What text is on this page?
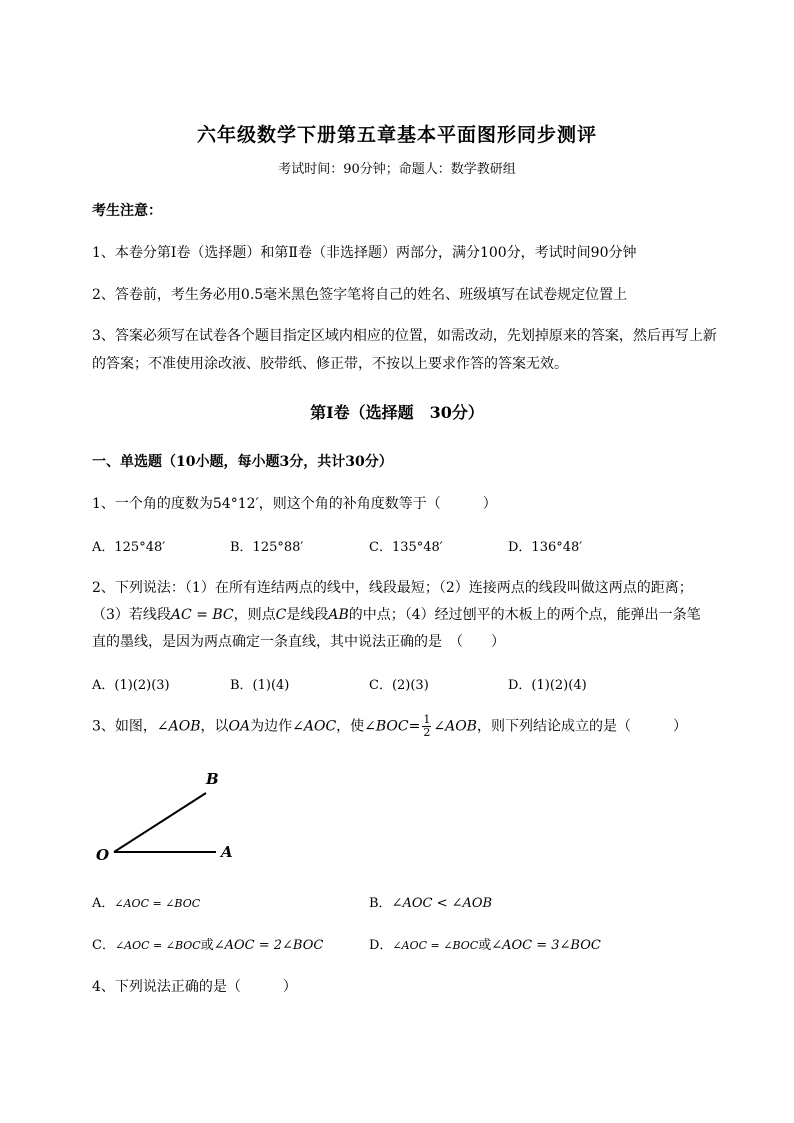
六年级数学下册第五章基本平面图形同步测评
考试时间：90分钟；命题人：数学教研组
考生注意：
1、本卷分第Ⅰ卷（选择题）和第Ⅱ卷（非选择题）两部分，满分100分，考试时间90分钟
2、答卷前，考生务必用0.5毫米黑色签字笔将自己的姓名、班级填写在试卷规定位置上
3、答案必须写在试卷各个题目指定区域内相应的位置，如需改动，先划掉原来的答案，然后再写上新
的答案；不准使用涂改液、胶带纸、修正带，不按以上要求作答的答案无效。
第Ⅰ卷（选择题　30分）
一、单选题（10小题，每小题3分，共计30分）
1、一个角的度数为54°12′，则这个角的补角度数等于（　　　）
A．125°48′	B．125°88′	C．135°48′	D．136°48′
2、下列说法：（1）在所有连结两点的线中，线段最短；（2）连接两点的线段叫做这两点的距离；
（3）若线段AC = BC，则点C是线段AB的中点；（4）经过刨平的木板上的两个点，能弹出一条笔
直的墨线，是因为两点确定一条直线，其中说法正确的是　（　　）
A．(1)(2)(3)	B．(1)(4)	C．(2)(3)	D．(1)(2)(4)
3、如图，∠AOB，以OA为边作∠AOC，使∠BOC= $\frac{1}{2}$ ∠AOB，则下列结论成立的是（　　　）
O	A
B
A．∠AOC = ∠BOC	B．∠AOC < ∠AOB
C．∠AOC = ∠BOC或∠AOC = 2∠BOC	D．∠AOC = ∠BOC或∠AOC = 3∠BOC
4、下列说法正确的是（　　　）
